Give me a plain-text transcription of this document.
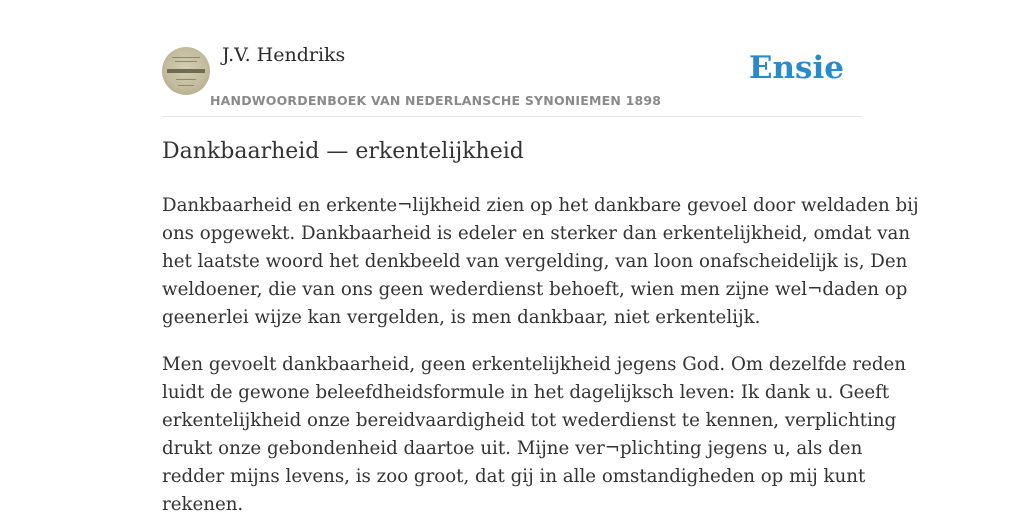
J.V. Hendriks
HANDWOORDENBOEK VAN NEDERLANSCHE SYNONIEMEN 1898
Ensie
Dankbaarheid — erkentelijkheid

Dankbaarheid en erkente¬lijkheid zien op het dankbare gevoel door weldaden bij
ons opgewekt. Dankbaarheid is edeler en sterker dan erkentelijkheid, omdat van
het laatste woord het denkbeeld van vergelding, van loon onafscheidelijk is, Den
weldoener, die van ons geen wederdienst behoeft, wien men zijne wel¬daden op
geenerlei wijze kan vergelden, is men dankbaar, niet erkentelijk.

Men gevoelt dankbaarheid, geen erkentelijkheid jegens God. Om dezelfde reden
luidt de gewone beleefdheidsformule in het dagelijksch leven: Ik dank u. Geeft
erkentelijkheid onze bereidvaardigheid tot wederdienst te kennen, verplichting
drukt onze gebondenheid daartoe uit. Mijne ver¬plichting jegens u, als den
redder mijns levens, is zoo groot, dat gij in alle omstandigheden op mij kunt
rekenen.
